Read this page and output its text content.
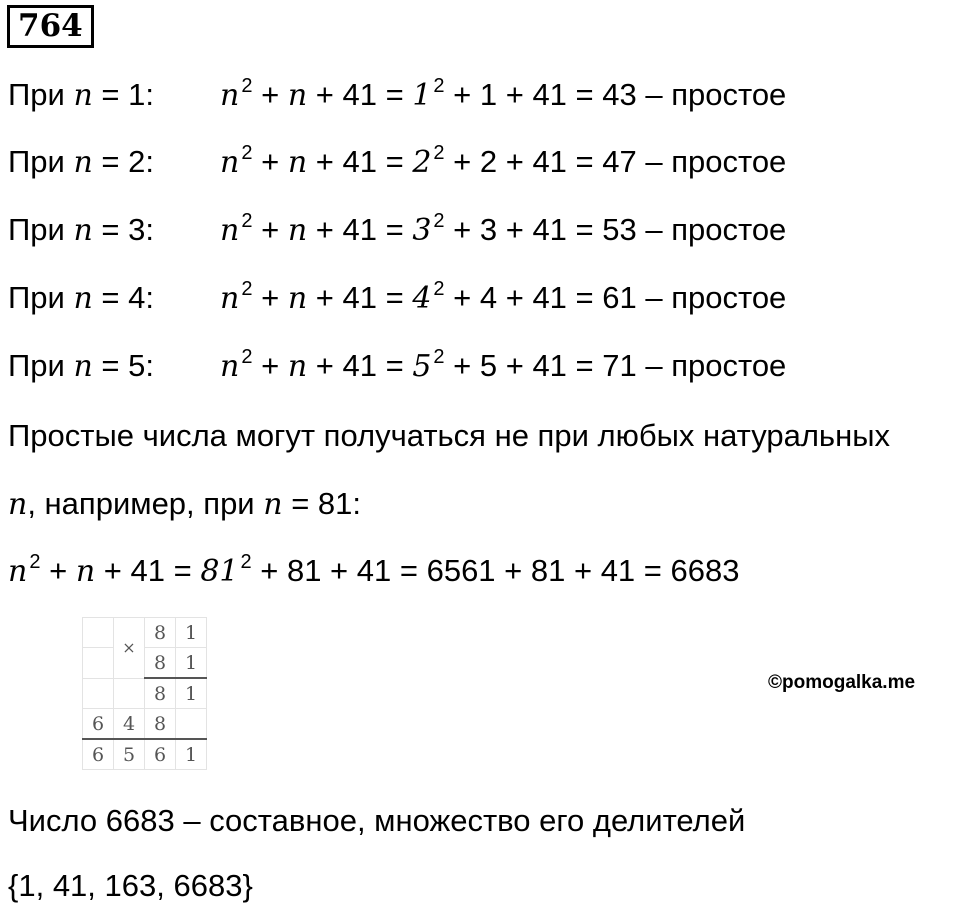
764
При n = 1: n $^2$ + n + 41 = 1 $^2$ + 1 + 41 = 43 – простое
При n = 2: n $^2$ + n + 41 = 2 $^2$ + 2 + 41 = 47 – простое
При n = 3: n $^2$ + n + 41 = 3 $^2$ + 3 + 41 = 53 – простое
При n = 4: n $^2$ + n + 41 = 4 $^2$ + 4 + 41 = 61 – простое
При n = 5: n $^2$ + n + 41 = 5 $^2$ + 5 + 41 = 71 – простое
Простые числа могут получаться не при любых натуральных
n, например, при n = 81:
n $^2$ + n + 41 = 81 $^2$ + 81 + 41 = 6561 + 81 + 41 = 6683
	×	8	1
		8	1
		8	1
6	4	8	
6	5	6	1
©pomogalka.me
Число 6683 – составное, множество его делителей
{1, 41, 163, 6683}
